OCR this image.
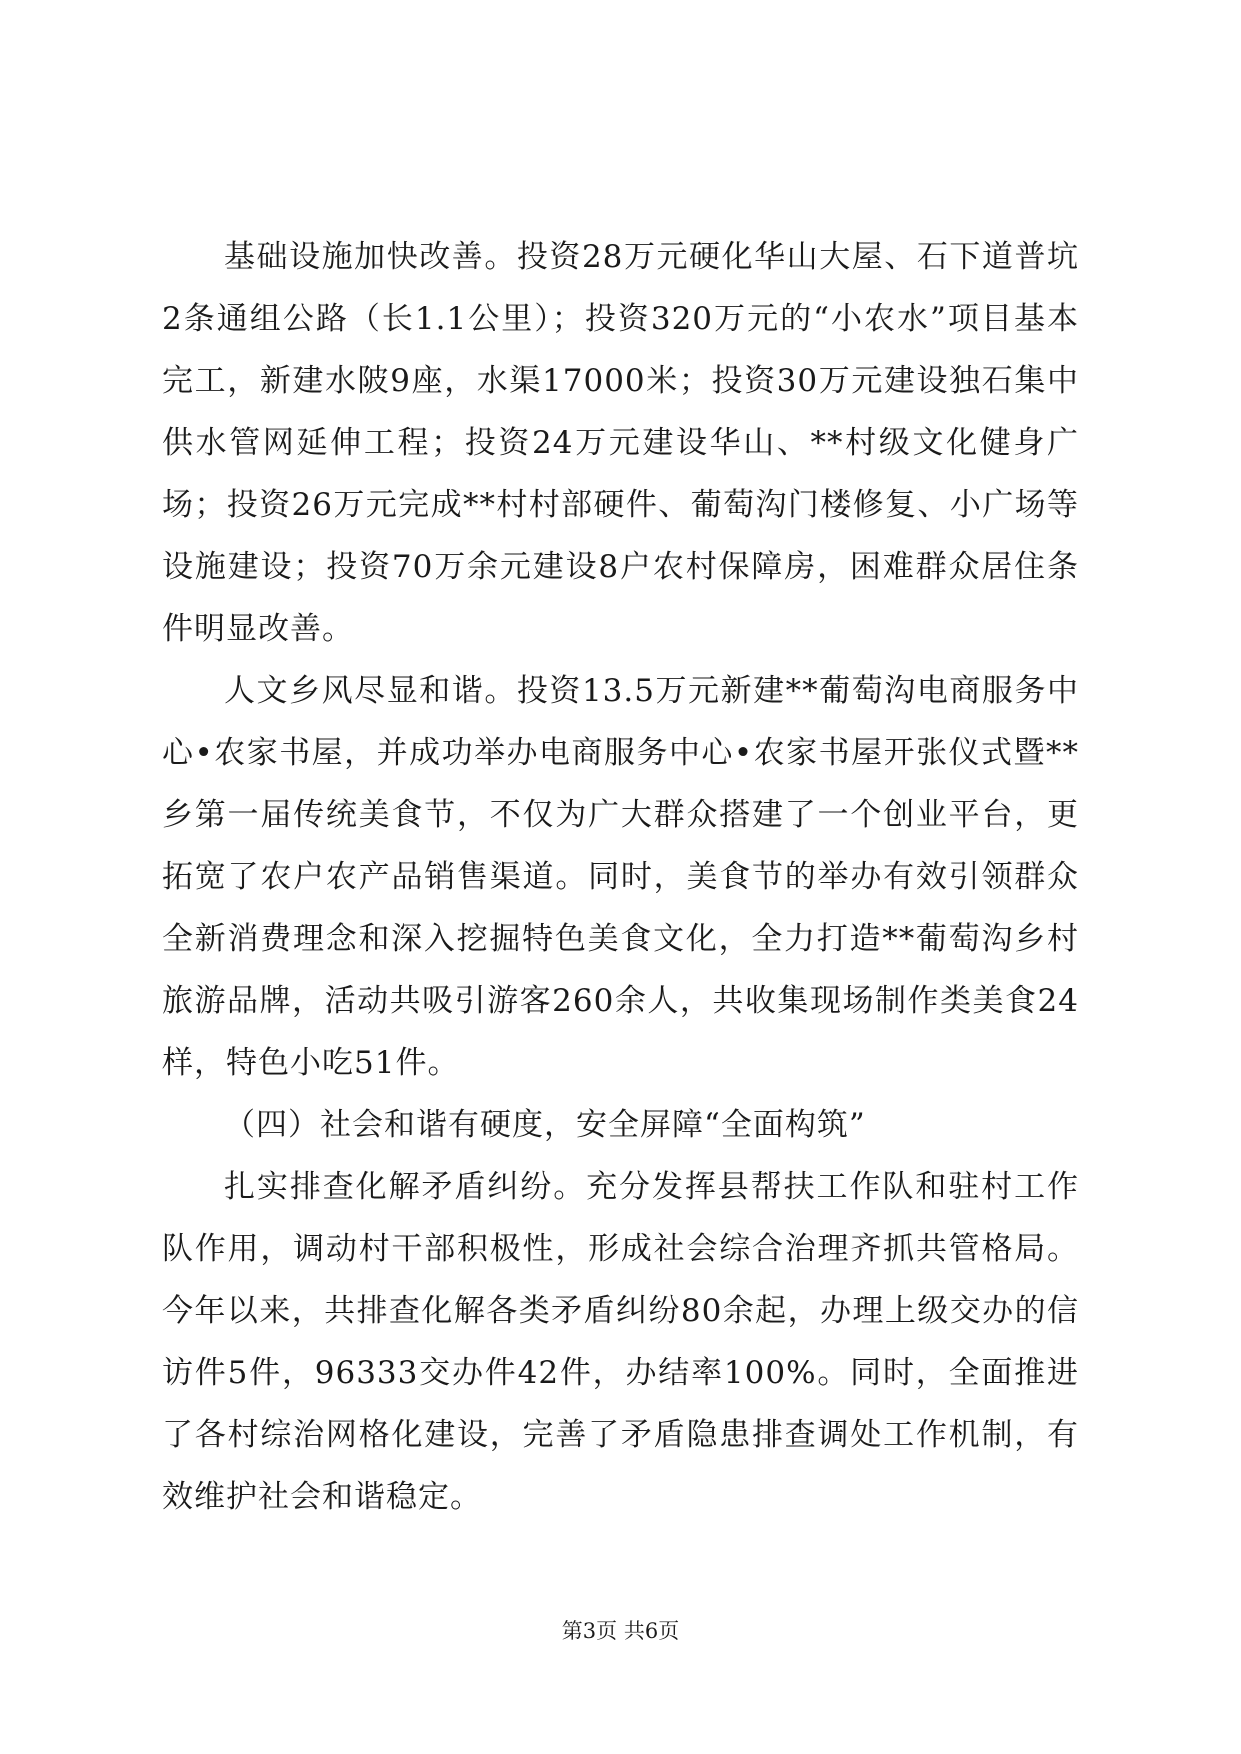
基础设施加快改善。投资28万元硬化华山大屋、石下道普坑2条通组公路（长1.1公里）；投资320万元的“小农水”项目基本完工，新建水陂9座，水渠17000米；投资30万元建设独石集中供水管网延伸工程；投资24万元建设华山、**村级文化健身广场；投资26万元完成**村村部硬件、葡萄沟门楼修复、小广场等设施建设；投资70万余元建设8户农村保障房，困难群众居住条件明显改善。

人文乡风尽显和谐。投资13.5万元新建**葡萄沟电商服务中心•农家书屋，并成功举办电商服务中心•农家书屋开张仪式暨**乡第一届传统美食节，不仅为广大群众搭建了一个创业平台，更拓宽了农户农产品销售渠道。同时，美食节的举办有效引领群众全新消费理念和深入挖掘特色美食文化，全力打造**葡萄沟乡村旅游品牌，活动共吸引游客260余人，共收集现场制作类美食24样，特色小吃51件。

（四）社会和谐有硬度，安全屏障“全面构筑”

扎实排查化解矛盾纠纷。充分发挥县帮扶工作队和驻村工作队作用，调动村干部积极性，形成社会综合治理齐抓共管格局。今年以来，共排查化解各类矛盾纠纷80余起，办理上级交办的信访件5件，96333交办件42件，办结率100%。同时，全面推进了各村综治网格化建设，完善了矛盾隐患排查调处工作机制，有效维护社会和谐稳定。

第3页 共6页
